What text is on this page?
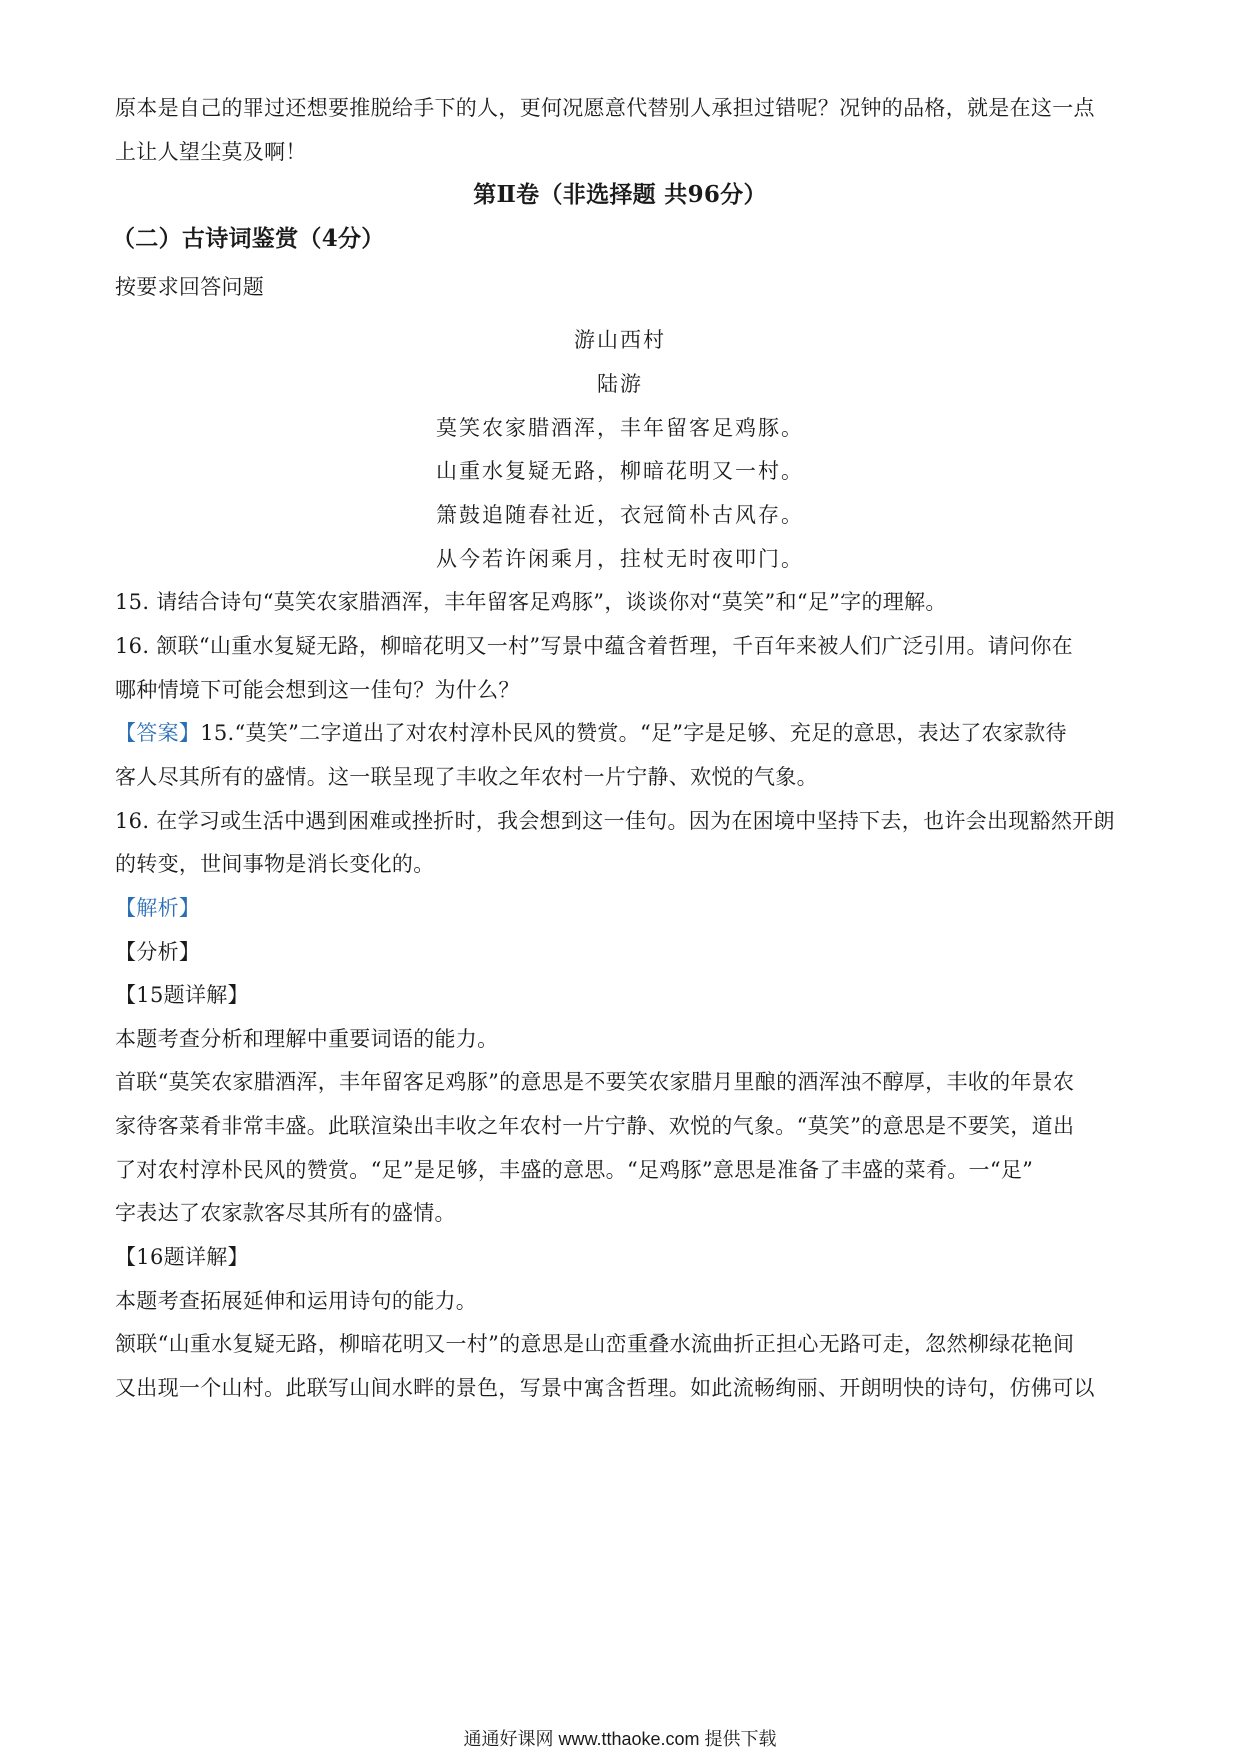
原本是自己的罪过还想要推脱给手下的人，更何况愿意代替别人承担过错呢？况钟的品格，就是在这一点
上让人望尘莫及啊！
第Ⅱ卷（非选择题 共96分）
（二）古诗词鉴赏（4分）
按要求回答问题
游山西村
陆游
莫笑农家腊酒浑，丰年留客足鸡豚。
山重水复疑无路，柳暗花明又一村。
箫鼓追随春社近，衣冠简朴古风存。
从今若许闲乘月，拄杖无时夜叩门。
15. 请结合诗句“莫笑农家腊酒浑，丰年留客足鸡豚”，谈谈你对“莫笑”和“足”字的理解。
16. 颔联“山重水复疑无路，柳暗花明又一村”写景中蕴含着哲理，千百年来被人们广泛引用。请问你在
哪种情境下可能会想到这一佳句？为什么？
【答案】15.“莫笑”二字道出了对农村淳朴民风的赞赏。“足”字是足够、充足的意思，表达了农家款待
客人尽其所有的盛情。这一联呈现了丰收之年农村一片宁静、欢悦的气象。
16. 在学习或生活中遇到困难或挫折时，我会想到这一佳句。因为在困境中坚持下去，也许会出现豁然开朗
的转变，世间事物是消长变化的。
【解析】
【分析】
【15题详解】
本题考查分析和理解中重要词语的能力。
首联“莫笑农家腊酒浑，丰年留客足鸡豚”的意思是不要笑农家腊月里酿的酒浑浊不醇厚，丰收的年景农
家待客菜肴非常丰盛。此联渲染出丰收之年农村一片宁静、欢悦的气象。“莫笑”的意思是不要笑，道出
了对农村淳朴民风的赞赏。“足”是足够，丰盛的意思。“足鸡豚”意思是准备了丰盛的菜肴。一“足”
字表达了农家款客尽其所有的盛情。
【16题详解】
本题考查拓展延伸和运用诗句的能力。
颔联“山重水复疑无路，柳暗花明又一村”的意思是山峦重叠水流曲折正担心无路可走，忽然柳绿花艳间
又出现一个山村。此联写山间水畔的景色，写景中寓含哲理。如此流畅绚丽、开朗明快的诗句，仿佛可以
通通好课网 www.tthaoke.com 提供下载
